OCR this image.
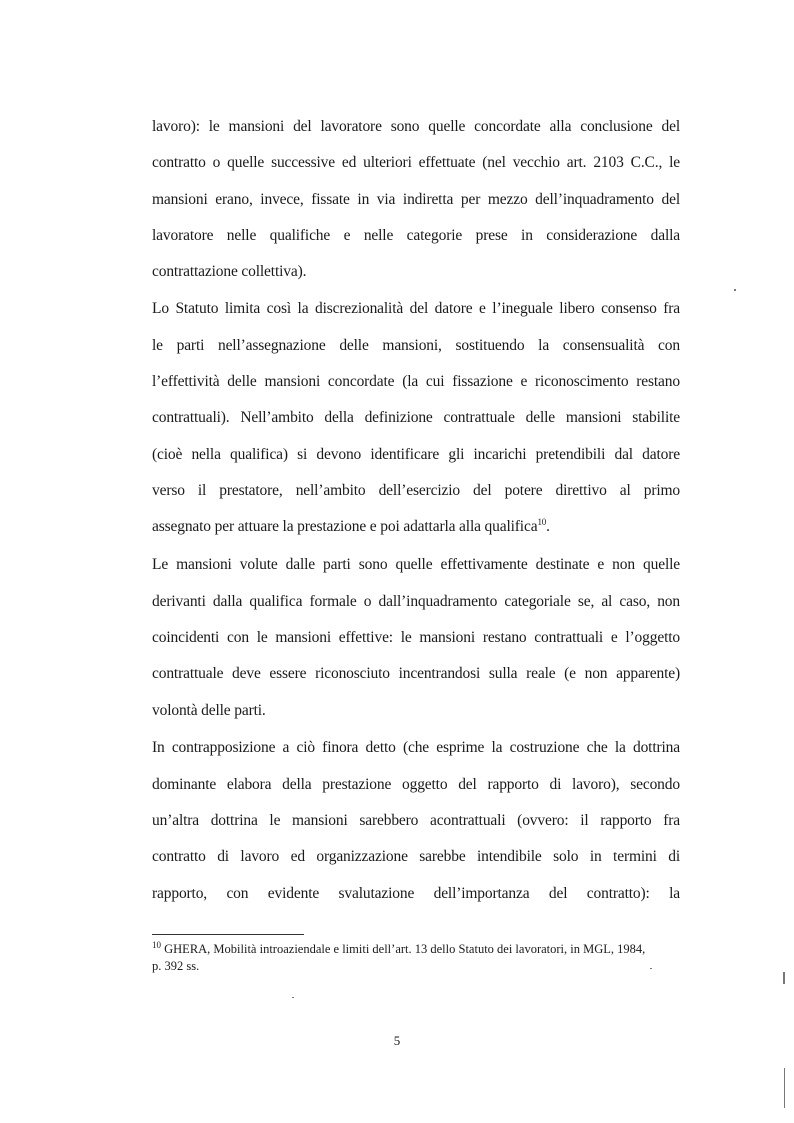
lavoro): le mansioni del lavoratore sono quelle concordate alla conclusione del
contratto o quelle successive ed ulteriori effettuate (nel vecchio art. 2103 C.C., le
mansioni erano, invece, fissate in via indiretta per mezzo dell’inquadramento del
lavoratore nelle qualifiche e nelle categorie prese in considerazione dalla
contrattazione collettiva).
Lo Statuto limita così la discrezionalità del datore e l’ineguale libero consenso fra
le parti nell’assegnazione delle mansioni, sostituendo la consensualità con
l’effettività delle mansioni concordate (la cui fissazione e riconoscimento restano
contrattuali). Nell’ambito della definizione contrattuale delle mansioni stabilite
(cioè nella qualifica) si devono identificare gli incarichi pretendibili dal datore
verso il prestatore, nell’ambito dell’esercizio del potere direttivo al primo
assegnato per attuare la prestazione e poi adattarla alla qualifica$^{10}$.
Le mansioni volute dalle parti sono quelle effettivamente destinate e non quelle
derivanti dalla qualifica formale o dall’inquadramento categoriale se, al caso, non
coincidenti con le mansioni effettive: le mansioni restano contrattuali e l’oggetto
contrattuale deve essere riconosciuto incentrandosi sulla reale (e non apparente)
volontà delle parti.
In contrapposizione a ciò finora detto (che esprime la costruzione che la dottrina
dominante elabora della prestazione oggetto del rapporto di lavoro), secondo
un’altra dottrina le mansioni sarebbero acontrattuali (ovvero: il rapporto fra
contratto di lavoro ed organizzazione sarebbe intendibile solo in termini di
rapporto, con evidente svalutazione dell’importanza del contratto): la
$^{10}$ GHERA, Mobilità introaziendale e limiti dell’art. 13 dello Statuto dei lavoratori, in MGL, 1984,
p. 392 ss.
5
